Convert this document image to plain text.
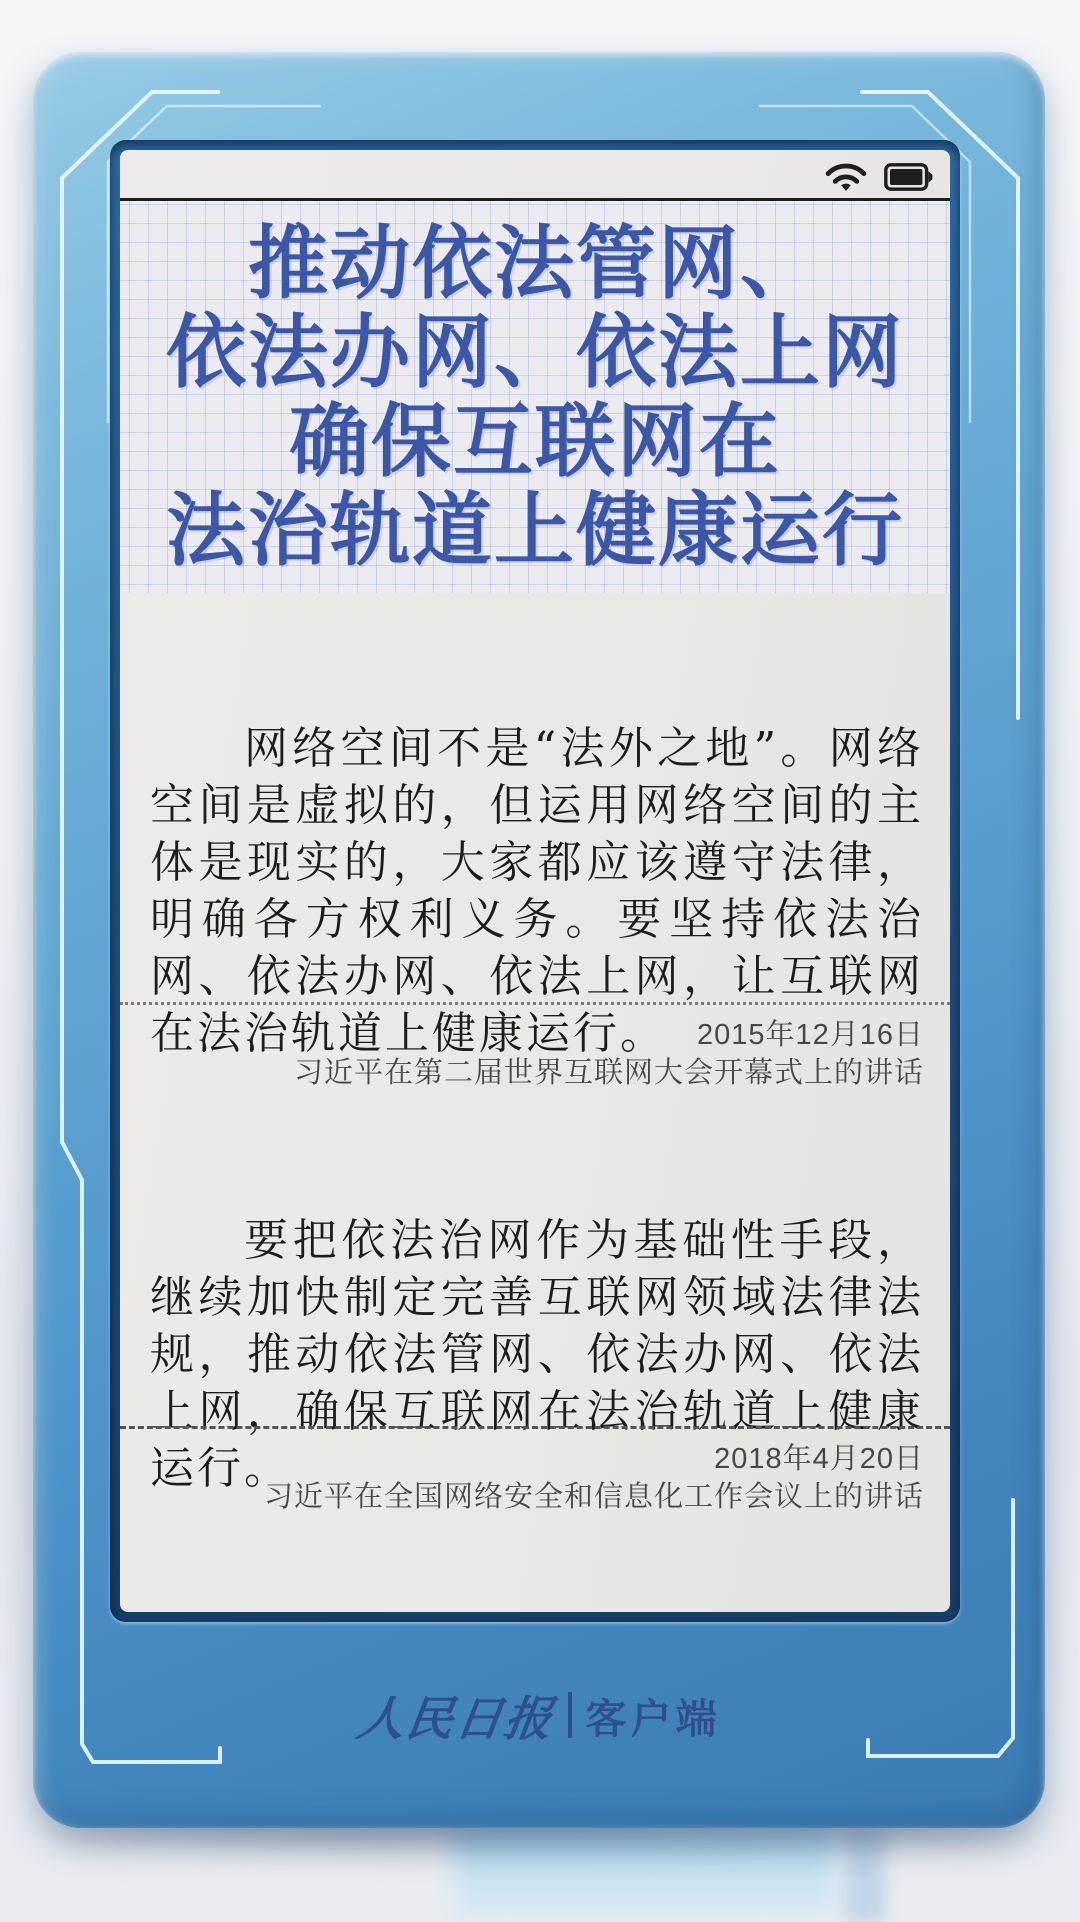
推动依法管网、
依法办网、依法上网
确保互联网在
法治轨道上健康运行

网络空间不是“法外之地”。网络空间是虚拟的，但运用网络空间的主体是现实的，大家都应该遵守法律，明确各方权利义务。要坚持依法治网、依法办网、依法上网，让互联网在法治轨道上健康运行。	2015年12月16日
习近平在第二届世界互联网大会开幕式上的讲话

要把依法治网作为基础性手段，继续加快制定完善互联网领域法律法规，推动依法管网、依法办网、依法上网，确保互联网在法治轨道上健康运行。	2018年4月20日
习近平在全国网络安全和信息化工作会议上的讲话
人民日报 客户端
